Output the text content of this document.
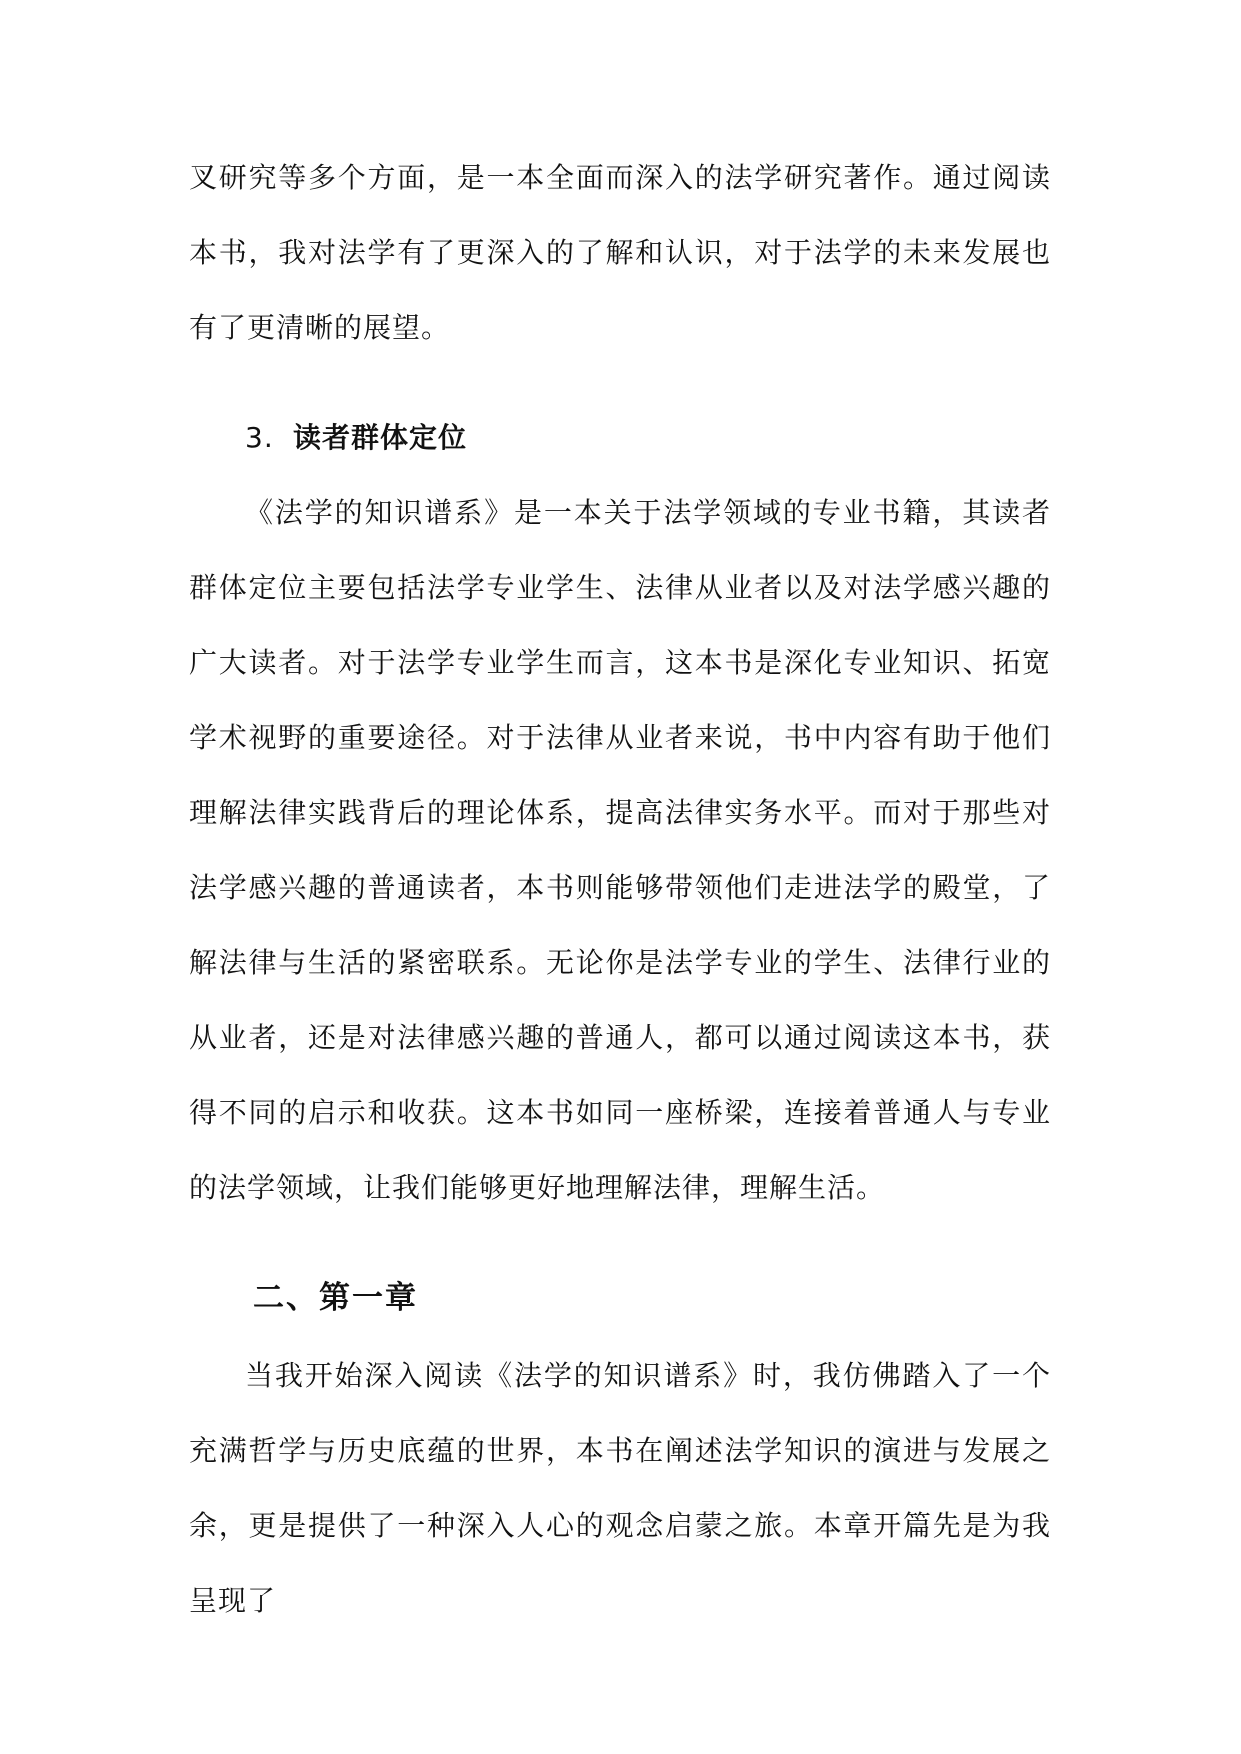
叉研究等多个方面，是一本全面而深入的法学研究著作。通过阅读本书，我对法学有了更深入的了解和认识，对于法学的未来发展也有了更清晰的展望。

3. 读者群体定位

《法学的知识谱系》是一本关于法学领域的专业书籍，其读者群体定位主要包括法学专业学生、法律从业者以及对法学感兴趣的广大读者。对于法学专业学生而言，这本书是深化专业知识、拓宽学术视野的重要途径。对于法律从业者来说，书中内容有助于他们理解法律实践背后的理论体系，提高法律实务水平。而对于那些对法学感兴趣的普通读者，本书则能够带领他们走进法学的殿堂，了解法律与生活的紧密联系。无论你是法学专业的学生、法律行业的从业者，还是对法律感兴趣的普通人，都可以通过阅读这本书，获得不同的启示和收获。这本书如同一座桥梁，连接着普通人与专业的法学领域，让我们能够更好地理解法律，理解生活。

二、第一章

当我开始深入阅读《法学的知识谱系》时，我仿佛踏入了一个充满哲学与历史底蕴的世界，本书在阐述法学知识的演进与发展之余，更是提供了一种深入人心的观念启蒙之旅。本章开篇先是为我呈现了
